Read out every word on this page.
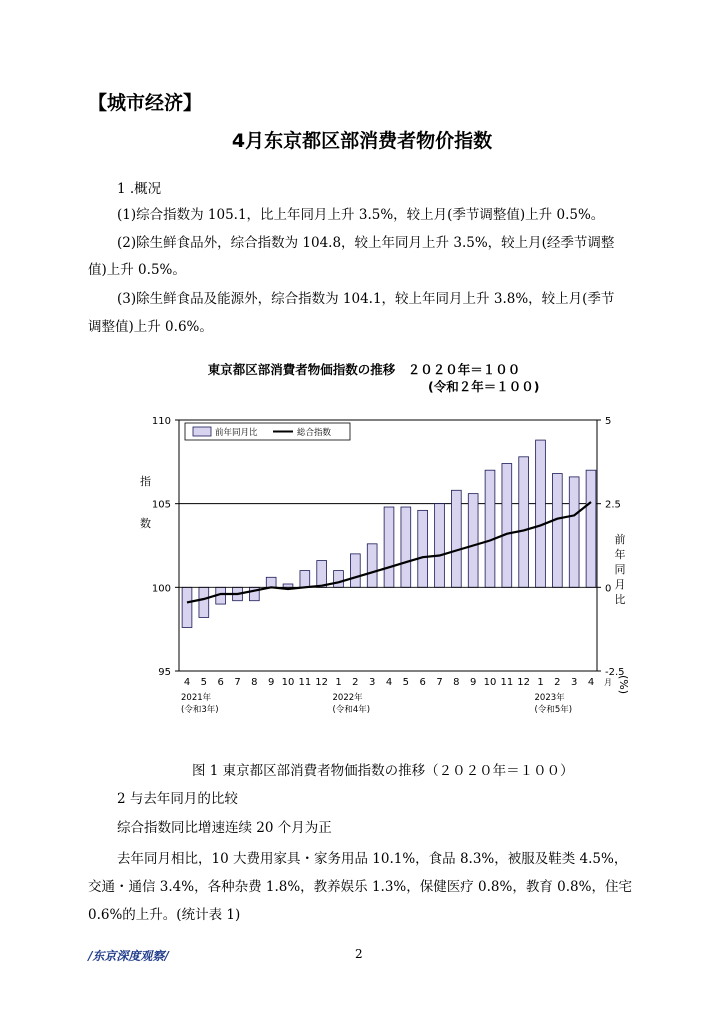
【城市经济】
4月东京都区部消费者物价指数
1 .概况
(1)综合指数为 105.1，比上年同月上升 3.5%，较上月(季节调整值)上升 0.5%。
(2)除生鲜食品外，综合指数为 104.8，较上年同月上升 3.5%，较上月(经季节调整
值)上升 0.5%。
(3)除生鲜食品及能源外，综合指数为 104.1，较上年同月上升 3.8%，较上月(季节
调整值)上升 0.6%。
東京都区部消費者物価指数の推移　２０２０年＝１００
(令和２年＝１００)
110
105
100
95
5
2.5
0
-2.5
4 5 6 7 8 9 10 11 12 1 2 3 4 5 6 7 8 9 10 11 12 1 2 3 4 月
2021年
(令和3年)
2022年
(令和4年)
2023年
(令和5年)
指
数
前
年
同
月
比
(%)
前年同月比	総合指数
图 1 東京都区部消費者物価指数の推移（２０２０年＝１００）
2 与去年同月的比较
综合指数同比增速连续 20 个月为正
去年同月相比，10 大费用家具・家务用品 10.1%，食品 8.3%，被服及鞋类 4.5%，
交通・通信 3.4%，各种杂费 1.8%，教养娱乐 1.3%，保健医疗 0.8%，教育 0.8%，住宅
0.6%的上升。(统计表 1)
/东京深度观察/	2
